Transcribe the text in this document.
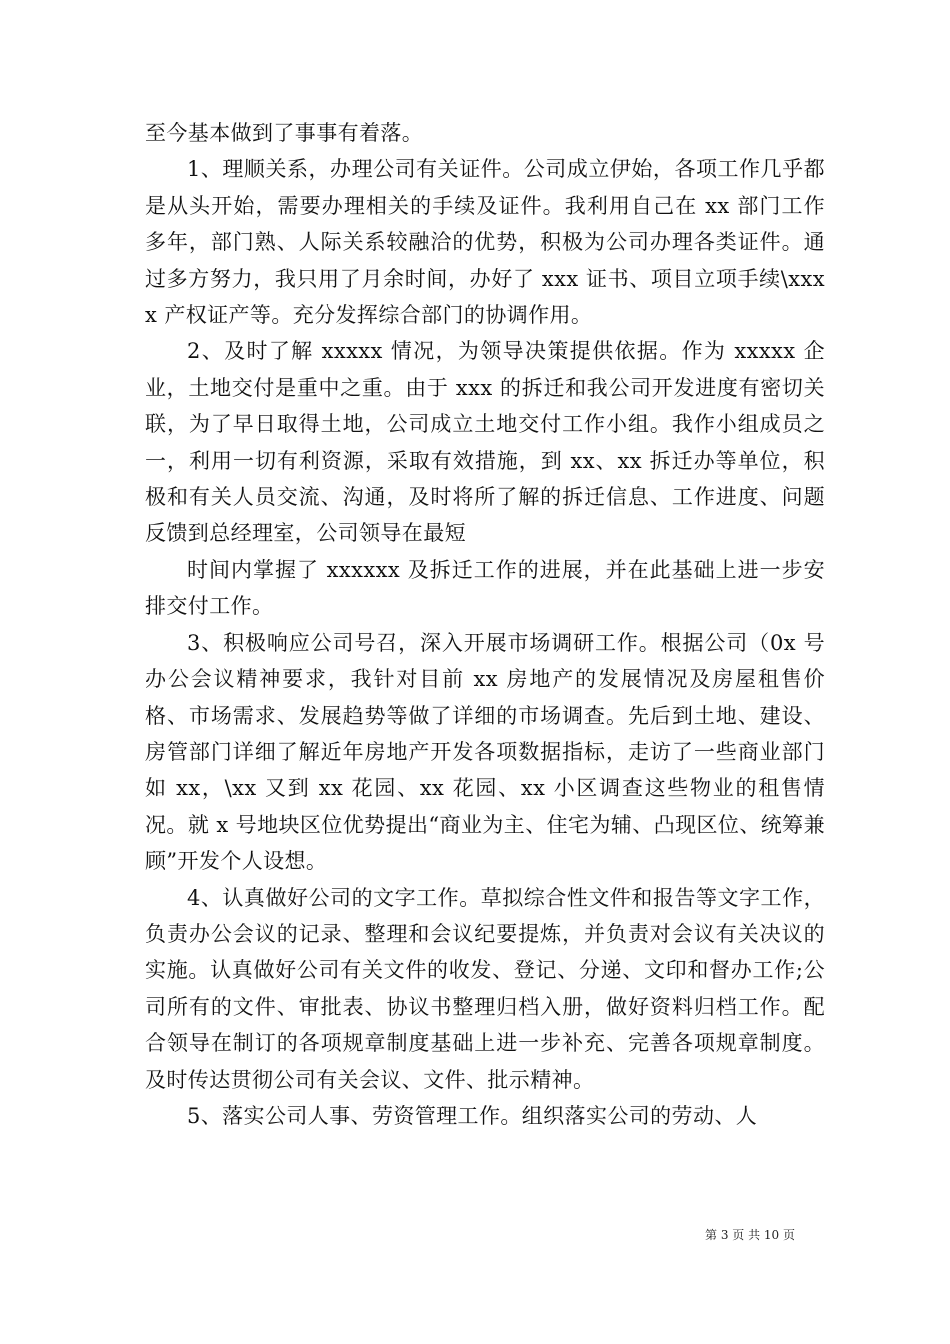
至今基本做到了事事有着落。

1、理顺关系，办理公司有关证件。公司成立伊始，各项工作几乎都是从头开始，需要办理相关的手续及证件。我利用自己在 xx 部门工作多年，部门熟、人际关系较融洽的优势，积极为公司办理各类证件。通过多方努力，我只用了月余时间，办好了 xxx 证书、项目立项手续\xxxx 产权证产等。充分发挥综合部门的协调作用。

2、及时了解 xxxxx 情况，为领导决策提供依据。作为 xxxxx 企业，土地交付是重中之重。由于 xxx 的拆迁和我公司开发进度有密切关联，为了早日取得土地，公司成立土地交付工作小组。我作小组成员之一，利用一切有利资源，采取有效措施，到 xx、xx 拆迁办等单位，积极和有关人员交流、沟通，及时将所了解的拆迁信息、工作进度、问题反馈到总经理室，公司领导在最短

时间内掌握了 xxxxxx 及拆迁工作的进展，并在此基础上进一步安排交付工作。

3、积极响应公司号召，深入开展市场调研工作。根据公司（0x 号办公会议精神要求，我针对目前 xx 房地产的发展情况及房屋租售价格、市场需求、发展趋势等做了详细的市场调查。先后到土地、建设、房管部门详细了解近年房地产开发各项数据指标，走访了一些商业部门如 xx，\xx 又到 xx 花园、xx 花园、xx 小区调查这些物业的租售情况。就 x 号地块区位优势提出“商业为主、住宅为辅、凸现区位、统筹兼顾”开发个人设想。

4、认真做好公司的文字工作。草拟综合性文件和报告等文字工作，负责办公会议的记录、整理和会议纪要提炼，并负责对会议有关决议的实施。认真做好公司有关文件的收发、登记、分递、文印和督办工作;公司所有的文件、审批表、协议书整理归档入册，做好资料归档工作。配合领导在制订的各项规章制度基础上进一步补充、完善各项规章制度。及时传达贯彻公司有关会议、文件、批示精神。

5、落实公司人事、劳资管理工作。组织落实公司的劳动、人

第 3 页 共 10 页
